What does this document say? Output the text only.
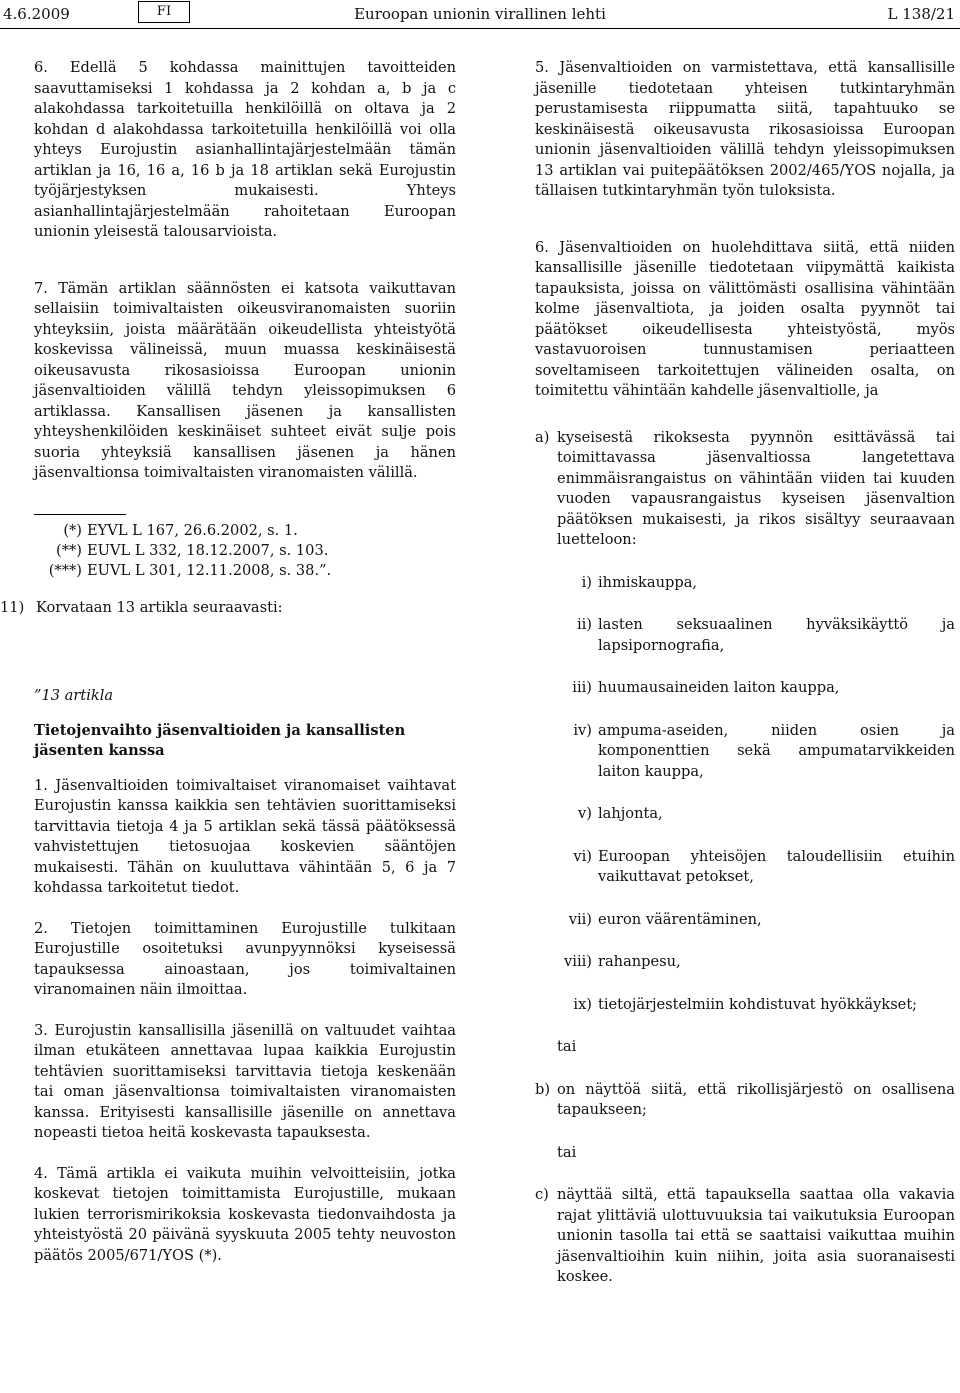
4.6.2009	FI	Euroopan unionin virallinen lehti	L 138/21

6. Edellä 5 kohdassa mainittujen tavoitteiden saavuttamiseksi 1 kohdassa ja 2 kohdan a, b ja c alakohdassa tarkoitetuilla henkilöillä on oltava ja 2 kohdan d alakohdassa tarkoitetuilla henkilöillä voi olla yhteys Eurojustin asianhallintajärjestelmään tämän artiklan ja 16, 16 a, 16 b ja 18 artiklan sekä Eurojustin työjärjestyksen mukaisesti. Yhteys asianhallintajärjestelmään rahoitetaan Euroopan unionin yleisestä talousarvioista.

7. Tämän artiklan säännösten ei katsota vaikuttavan sellaisiin toimivaltaisten oikeusviranomaisten suoriin yhteyksiin, joista määrätään oikeudellista yhteistyötä koskevissa välineissä, muun muassa keskinäisestä oikeusavusta rikosasioissa Euroopan unionin jäsenvaltioiden välillä tehdyn yleissopimuksen 6 artiklassa. Kansallisen jäsenen ja kansallisten yhteyshenkilöiden keskinäiset suhteet eivät sulje pois suoria yhteyksiä kansallisen jäsenen ja hänen jäsenvaltionsa toimivaltaisten viranomaisten välillä.

(*) EYVL L 167, 26.6.2002, s. 1.
(**) EUVL L 332, 18.12.2007, s. 103.
(***) EUVL L 301, 12.11.2008, s. 38.”.
11) Korvataan 13 artikla seuraavasti:
”13 artikla
Tietojenvaihto jäsenvaltioiden ja kansallisten jäsenten kanssa

1. Jäsenvaltioiden toimivaltaiset viranomaiset vaihtavat Eurojustin kanssa kaikkia sen tehtävien suorittamiseksi tarvittavia tietoja 4 ja 5 artiklan sekä tässä päätöksessä vahvistettujen tietosuojaa koskevien sääntöjen mukaisesti. Tähän on kuuluttava vähintään 5, 6 ja 7 kohdassa tarkoitetut tiedot.

2. Tietojen toimittaminen Eurojustille tulkitaan Eurojustille osoitetuksi avunpyynnöksi kyseisessä tapauksessa ainoastaan, jos toimivaltainen viranomainen näin ilmoittaa.

3. Eurojustin kansallisilla jäsenillä on valtuudet vaihtaa ilman etukäteen annettavaa lupaa kaikkia Eurojustin tehtävien suorittamiseksi tarvittavia tietoja keskenään tai oman jäsenvaltionsa toimivaltaisten viranomaisten kanssa. Erityisesti kansallisille jäsenille on annettava nopeasti tietoa heitä koskevasta tapauksesta.

4. Tämä artikla ei vaikuta muihin velvoitteisiin, jotka koskevat tietojen toimittamista Eurojustille, mukaan lukien terrorismirikoksia koskevasta tiedonvaihdosta ja yhteistyöstä 20 päivänä syyskuuta 2005 tehty neuvoston päätös 2005/671/YOS (*).

5. Jäsenvaltioiden on varmistettava, että kansallisille jäsenille tiedotetaan yhteisen tutkintaryhmän perustamisesta riippumatta siitä, tapahtuuko se keskinäisestä oikeusavusta rikosasioissa Euroopan unionin jäsenvaltioiden välillä tehdyn yleissopimuksen 13 artiklan vai puitepäätöksen 2002/465/YOS nojalla, ja tällaisen tutkintaryhmän työn tuloksista.

6. Jäsenvaltioiden on huolehdittava siitä, että niiden kansallisille jäsenille tiedotetaan viipymättä kaikista tapauksista, joissa on välittömästi osallisina vähintään kolme jäsenvaltiota, ja joiden osalta pyynnöt tai päätökset oikeudellisesta yhteistyöstä, myös vastavuoroisen tunnustamisen periaatteen soveltamiseen tarkoitettujen välineiden osalta, on toimitettu vähintään kahdelle jäsenvaltiolle, ja

a) kyseisestä rikoksesta pyynnön esittävässä tai toimittavassa jäsenvaltiossa langetettava enimmäisrangaistus on vähintään viiden tai kuuden vuoden vapausrangaistus kyseisen jäsenvaltion päätöksen mukaisesti, ja rikos sisältyy seuraavaan luetteloon:
i) ihmiskauppa,
ii) lasten seksuaalinen hyväksikäyttö ja lapsipornografia,
iii) huumausaineiden laiton kauppa,
iv) ampuma-aseiden, niiden osien ja komponenttien sekä ampumatarvikkeiden laiton kauppa,
v) lahjonta,
vi) Euroopan yhteisöjen taloudellisiin etuihin vaikuttavat petokset,
vii) euron väärentäminen,
viii) rahanpesu,
ix) tietojärjestelmiin kohdistuvat hyökkäykset;
tai
b) on näyttöä siitä, että rikollisjärjestö on osallisena tapaukseen;
tai
c) näyttää siltä, että tapauksella saattaa olla vakavia rajat ylittäviä ulottuvuuksia tai vaikutuksia Euroopan unionin tasolla tai että se saattaisi vaikuttaa muihin jäsenvaltioihin kuin niihin, joita asia suoranaisesti koskee.
